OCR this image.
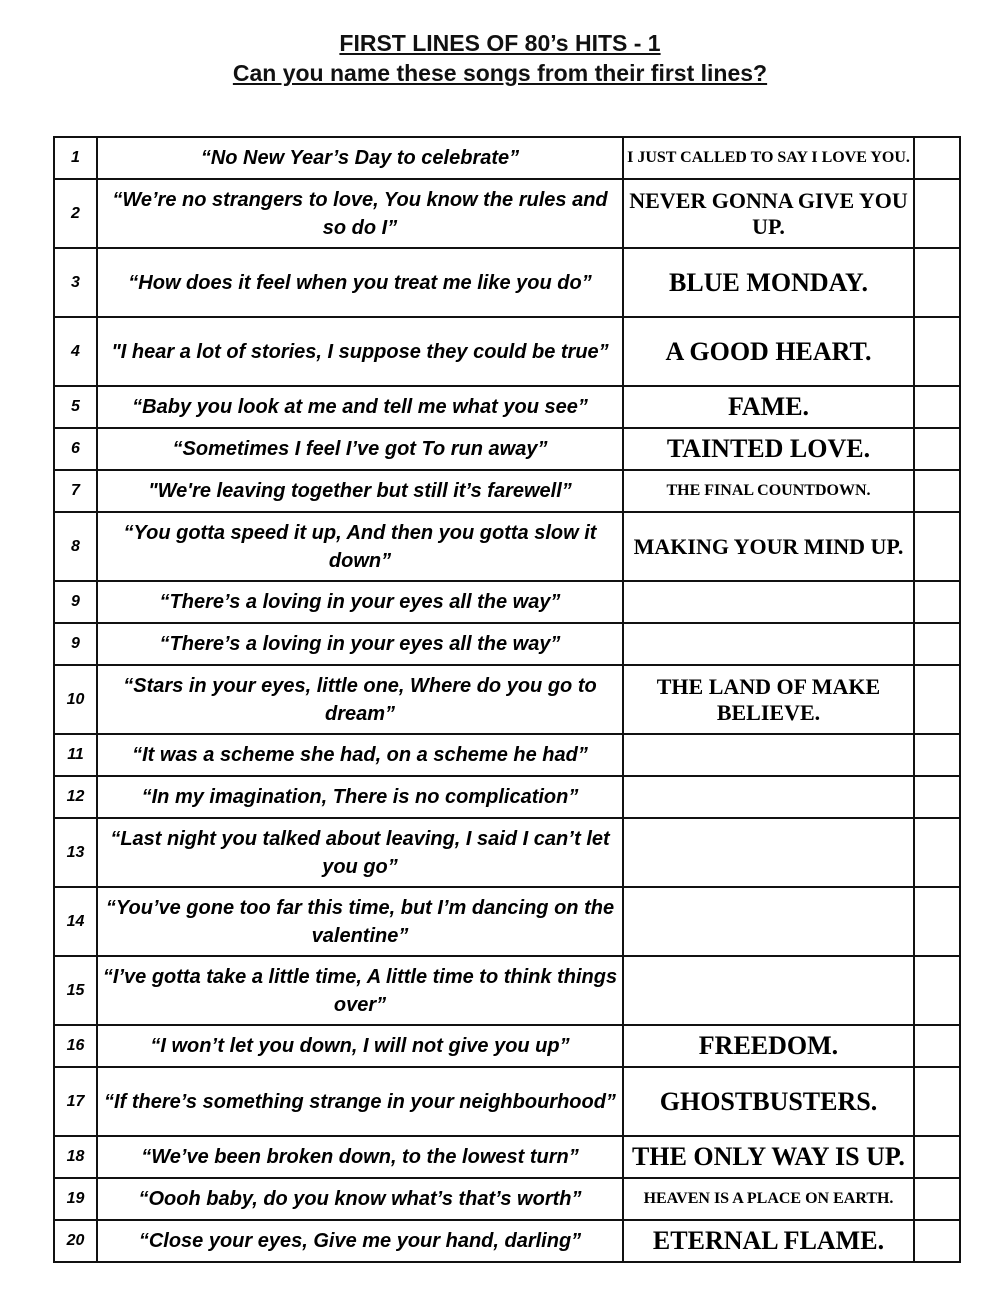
FIRST LINES OF 80’s HITS - 1
Can you name these songs from their first lines?
1	“No New Year’s Day to celebrate”	I JUST CALLED TO SAY I LOVE YOU.	
2	“We’re no strangers to love, You know the rules and so do I”	NEVER GONNA GIVE YOU UP.	
3	“How does it feel when you treat me like you do”	BLUE MONDAY.	
4	"I hear a lot of stories, I suppose they could be true”	A GOOD HEART.	
5	“Baby you look at me and tell me what you see”	FAME.	
6	“Sometimes I feel I’ve got To run away”	TAINTED LOVE.	
7	"We're leaving together but still it’s farewell”	THE FINAL COUNTDOWN.	
8	“You gotta speed it up, And then you gotta slow it down”	MAKING YOUR MIND UP.	
9	“There’s a loving in your eyes all the way”		
9	“There’s a loving in your eyes all the way”		
10	“Stars in your eyes, little one, Where do you go to dream”	THE LAND OF MAKE BELIEVE.	
11	“It was a scheme she had, on a scheme he had”		
12	“In my imagination, There is no complication”		
13	“Last night you talked about leaving, I said I can’t let you go”		
14	“You’ve gone too far this time, but I’m dancing on the valentine”		
15	“I’ve gotta take a little time, A little time to think things over”		
16	“I won’t let you down, I will not give you up”	FREEDOM.	
17	“If there’s something strange in your neighbourhood”	GHOSTBUSTERS.	
18	“We’ve been broken down, to the lowest turn”	THE ONLY WAY IS UP.	
19	“Oooh baby, do you know what’s that’s worth”	HEAVEN IS A PLACE ON EARTH.	
20	“Close your eyes, Give me your hand, darling”	ETERNAL FLAME.	
